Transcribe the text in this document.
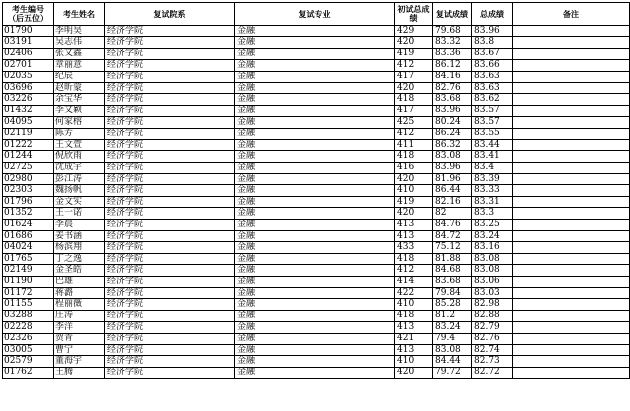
考生编号
（后五位）	考生姓名	复试院系	复试专业	初试总成绩	复试成绩	总成绩	备注
01790	李明昊	经济学院	金融	429	79.68	83.96	
03191	吴志伟	经济学院	金融	420	83.32	83.8	
02406	张文鑫	经济学院	金融	419	83.36	83.67	
02701	章丽意	经济学院	金融	412	86.12	83.66	
02035	纪辰	经济学院	金融	417	84.16	83.63	
03696	赵昕蒙	经济学院	金融	420	82.76	83.63	
03226	余宝华	经济学院	金融	418	83.68	83.62	
01432	李文颖	经济学院	金融	417	83.96	83.57	
04095	何家榕	经济学院	金融	425	80.24	83.57	
02119	陈芳	经济学院	金融	412	86.24	83.55	
01222	王文萱	经济学院	金融	411	86.32	83.44	
01244	倪欣雨	经济学院	金融	418	83.08	83.41	
02725	沈成宇	经济学院	金融	416	83.96	83.4	
02980	彭江涛	经济学院	金融	420	81.96	83.39	
02303	魏扬帆	经济学院	金融	410	86.44	83.33	
01796	金文实	经济学院	金融	419	82.16	83.31	
01352	王一诺	经济学院	金融	420	82	83.3	
01624	李晨	经济学院	金融	413	84.76	83.25	
01686	姜书涵	经济学院	金融	413	84.72	83.24	
04024	杨滨翔	经济学院	金融	433	75.12	83.16	
01765	丁之逸	经济学院	金融	418	81.88	83.08	
02149	金圣皓	经济学院	金融	412	84.68	83.08	
01190	巴雄	经济学院	金融	414	83.68	83.06	
01172	蒋潞	经济学院	金融	422	79.84	83.03	
01155	程丽薇	经济学院	金融	410	85.28	82.98	
03288	庄涛	经济学院	金融	418	81.2	82.88	
02228	李洋	经济学院	金融	413	83.24	82.79	
02326	贺青	经济学院	金融	421	79.4	82.76	
03005	曹宁	经济学院	金融	413	83.08	82.74	
02579	董海宇	经济学院	金融	410	84.44	82.73	
01762	王腾	经济学院	金融	420	79.72	82.72	
